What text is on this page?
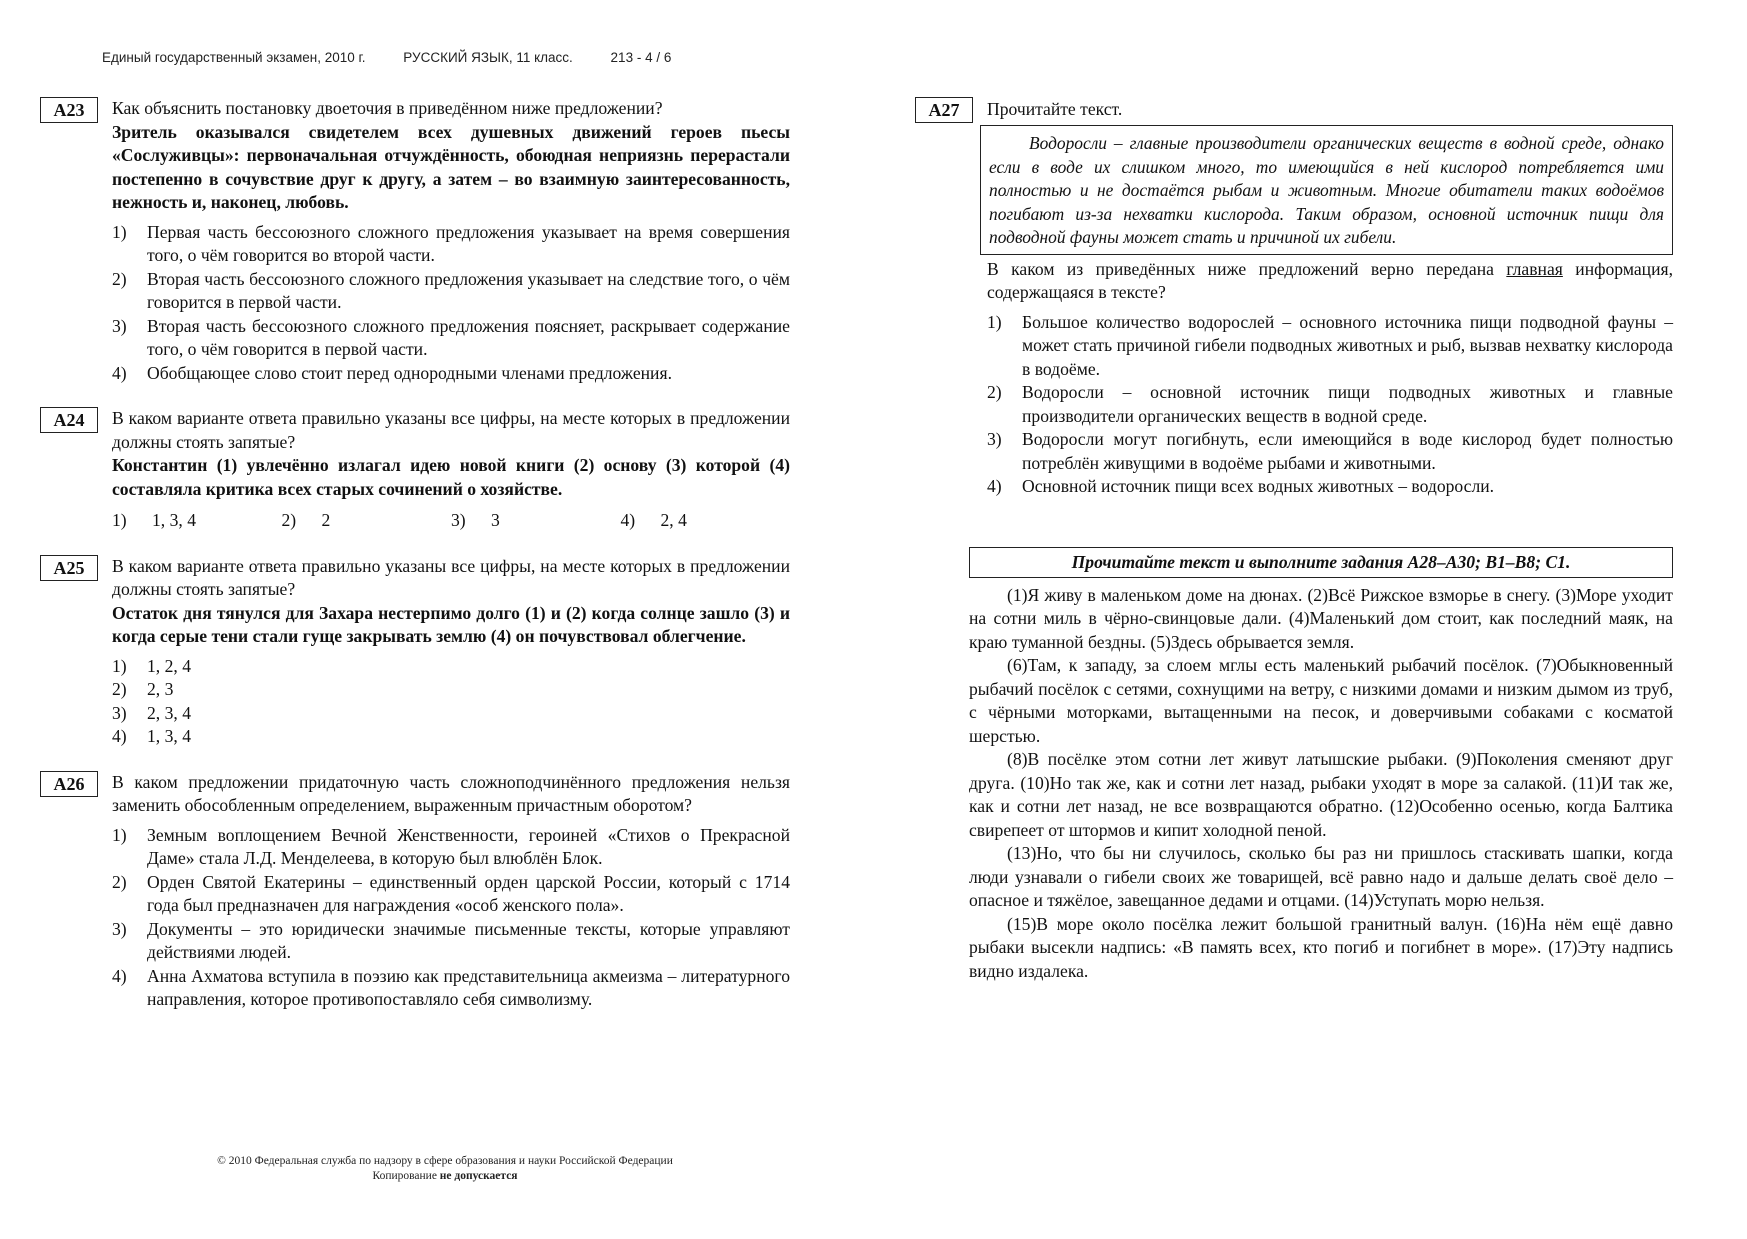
Единый государственный экзамен, 2010 г.	РУССКИЙ ЯЗЫК, 11 класс.	213 - 4 / 6
A23	Как объяснить постановку двоеточия в приведённом ниже предложении?

Зритель оказывался свидетелем всех душевных движений героев пьесы «Сослуживцы»: первоначальная отчуждённость, обоюдная неприязнь перерастали постепенно в сочувствие друг к другу, а затем – во взаимную заинтересованность, нежность и, наконец, любовь.

1)	Первая часть бессоюзного сложного предложения указывает на время совершения того, о чём говорится во второй части.
2)	Вторая часть бессоюзного сложного предложения указывает на следствие того, о чём говорится в первой части.
3)	Вторая часть бессоюзного сложного предложения поясняет, раскрывает содержание того, о чём говорится в первой части.
4)	Обобщающее слово стоит перед однородными членами предложения.
A24	В каком варианте ответа правильно указаны все цифры, на месте которых в предложении должны стоять запятые?

Константин (1) увлечённо излагал идею новой книги (2) основу (3) которой (4) составляла критика всех старых сочинений о хозяйстве.

1) 1, 3, 4	2) 2	3) 3	4) 2, 4
A25	В каком варианте ответа правильно указаны все цифры, на месте которых в предложении должны стоять запятые?

Остаток дня тянулся для Захара нестерпимо долго (1) и (2) когда солнце зашло (3) и когда серые тени стали гуще закрывать землю (4) он почувствовал облегчение.

1)	1, 2, 4
2)	2, 3
3)	2, 3, 4
4)	1, 3, 4
A26	В каком предложении придаточную часть сложноподчинённого предложения нельзя заменить обособленным определением, выраженным причастным оборотом?

1)	Земным воплощением Вечной Женственности, героиней «Стихов о Прекрасной Даме» стала Л.Д. Менделеева, в которую был влюблён Блок.
2)	Орден Святой Екатерины – единственный орден царской России, который с 1714 года был предназначен для награждения «особ женского пола».
3)	Документы – это юридически значимые письменные тексты, которые управляют действиями людей.
4)	Анна Ахматова вступила в поэзию как представительница акмеизма – литературного направления, которое противопоставляло себя символизму.
© 2010 Федеральная служба по надзору в сфере образования и науки Российской Федерации
Копирование не допускается
A27	Прочитайте текст.

Водоросли – главные производители органических веществ в водной среде, однако если в воде их слишком много, то имеющийся в ней кислород потребляется ими полностью и не достаётся рыбам и животным. Многие обитатели таких водоёмов погибают из-за нехватки кислорода. Таким образом, основной источник пищи для подводной фауны может стать и причиной их гибели.
В каком из приведённых ниже предложений верно передана главная информация, содержащаяся в тексте?
1)	Большое количество водорослей – основного источника пищи подводной фауны – может стать причиной гибели подводных животных и рыб, вызвав нехватку кислорода в водоёме.
2)	Водоросли – основной источник пищи подводных животных и главные производители органических веществ в водной среде.
3)	Водоросли могут погибнуть, если имеющийся в воде кислород будет полностью потреблён живущими в водоёме рыбами и животными.
4)	Основной источник пищи всех водных животных – водоросли.
Прочитайте текст и выполните задания А28–А30; В1–В8; С1.

(1)Я живу в маленьком доме на дюнах. (2)Всё Рижское взморье в снегу. (3)Море уходит на сотни миль в чёрно-свинцовые дали. (4)Маленький дом стоит, как последний маяк, на краю туманной бездны. (5)Здесь обрывается земля.

(6)Там, к западу, за слоем мглы есть маленький рыбачий посёлок. (7)Обыкновенный рыбачий посёлок с сетями, сохнущими на ветру, с низкими домами и низким дымом из труб, с чёрными моторками, вытащенными на песок, и доверчивыми собаками с косматой шерстью.

(8)В посёлке этом сотни лет живут латышские рыбаки. (9)Поколения сменяют друг друга. (10)Но так же, как и сотни лет назад, рыбаки уходят в море за салакой. (11)И так же, как и сотни лет назад, не все возвращаются обратно. (12)Особенно осенью, когда Балтика свирепеет от штормов и кипит холодной пеной.

(13)Но, что бы ни случилось, сколько бы раз ни пришлось стаскивать шапки, когда люди узнавали о гибели своих же товарищей, всё равно надо и дальше делать своё дело – опасное и тяжёлое, завещанное дедами и отцами. (14)Уступать морю нельзя.

(15)В море около посёлка лежит большой гранитный валун. (16)На нём ещё давно рыбаки высекли надпись: «В память всех, кто погиб и погибнет в море». (17)Эту надпись видно издалека.
